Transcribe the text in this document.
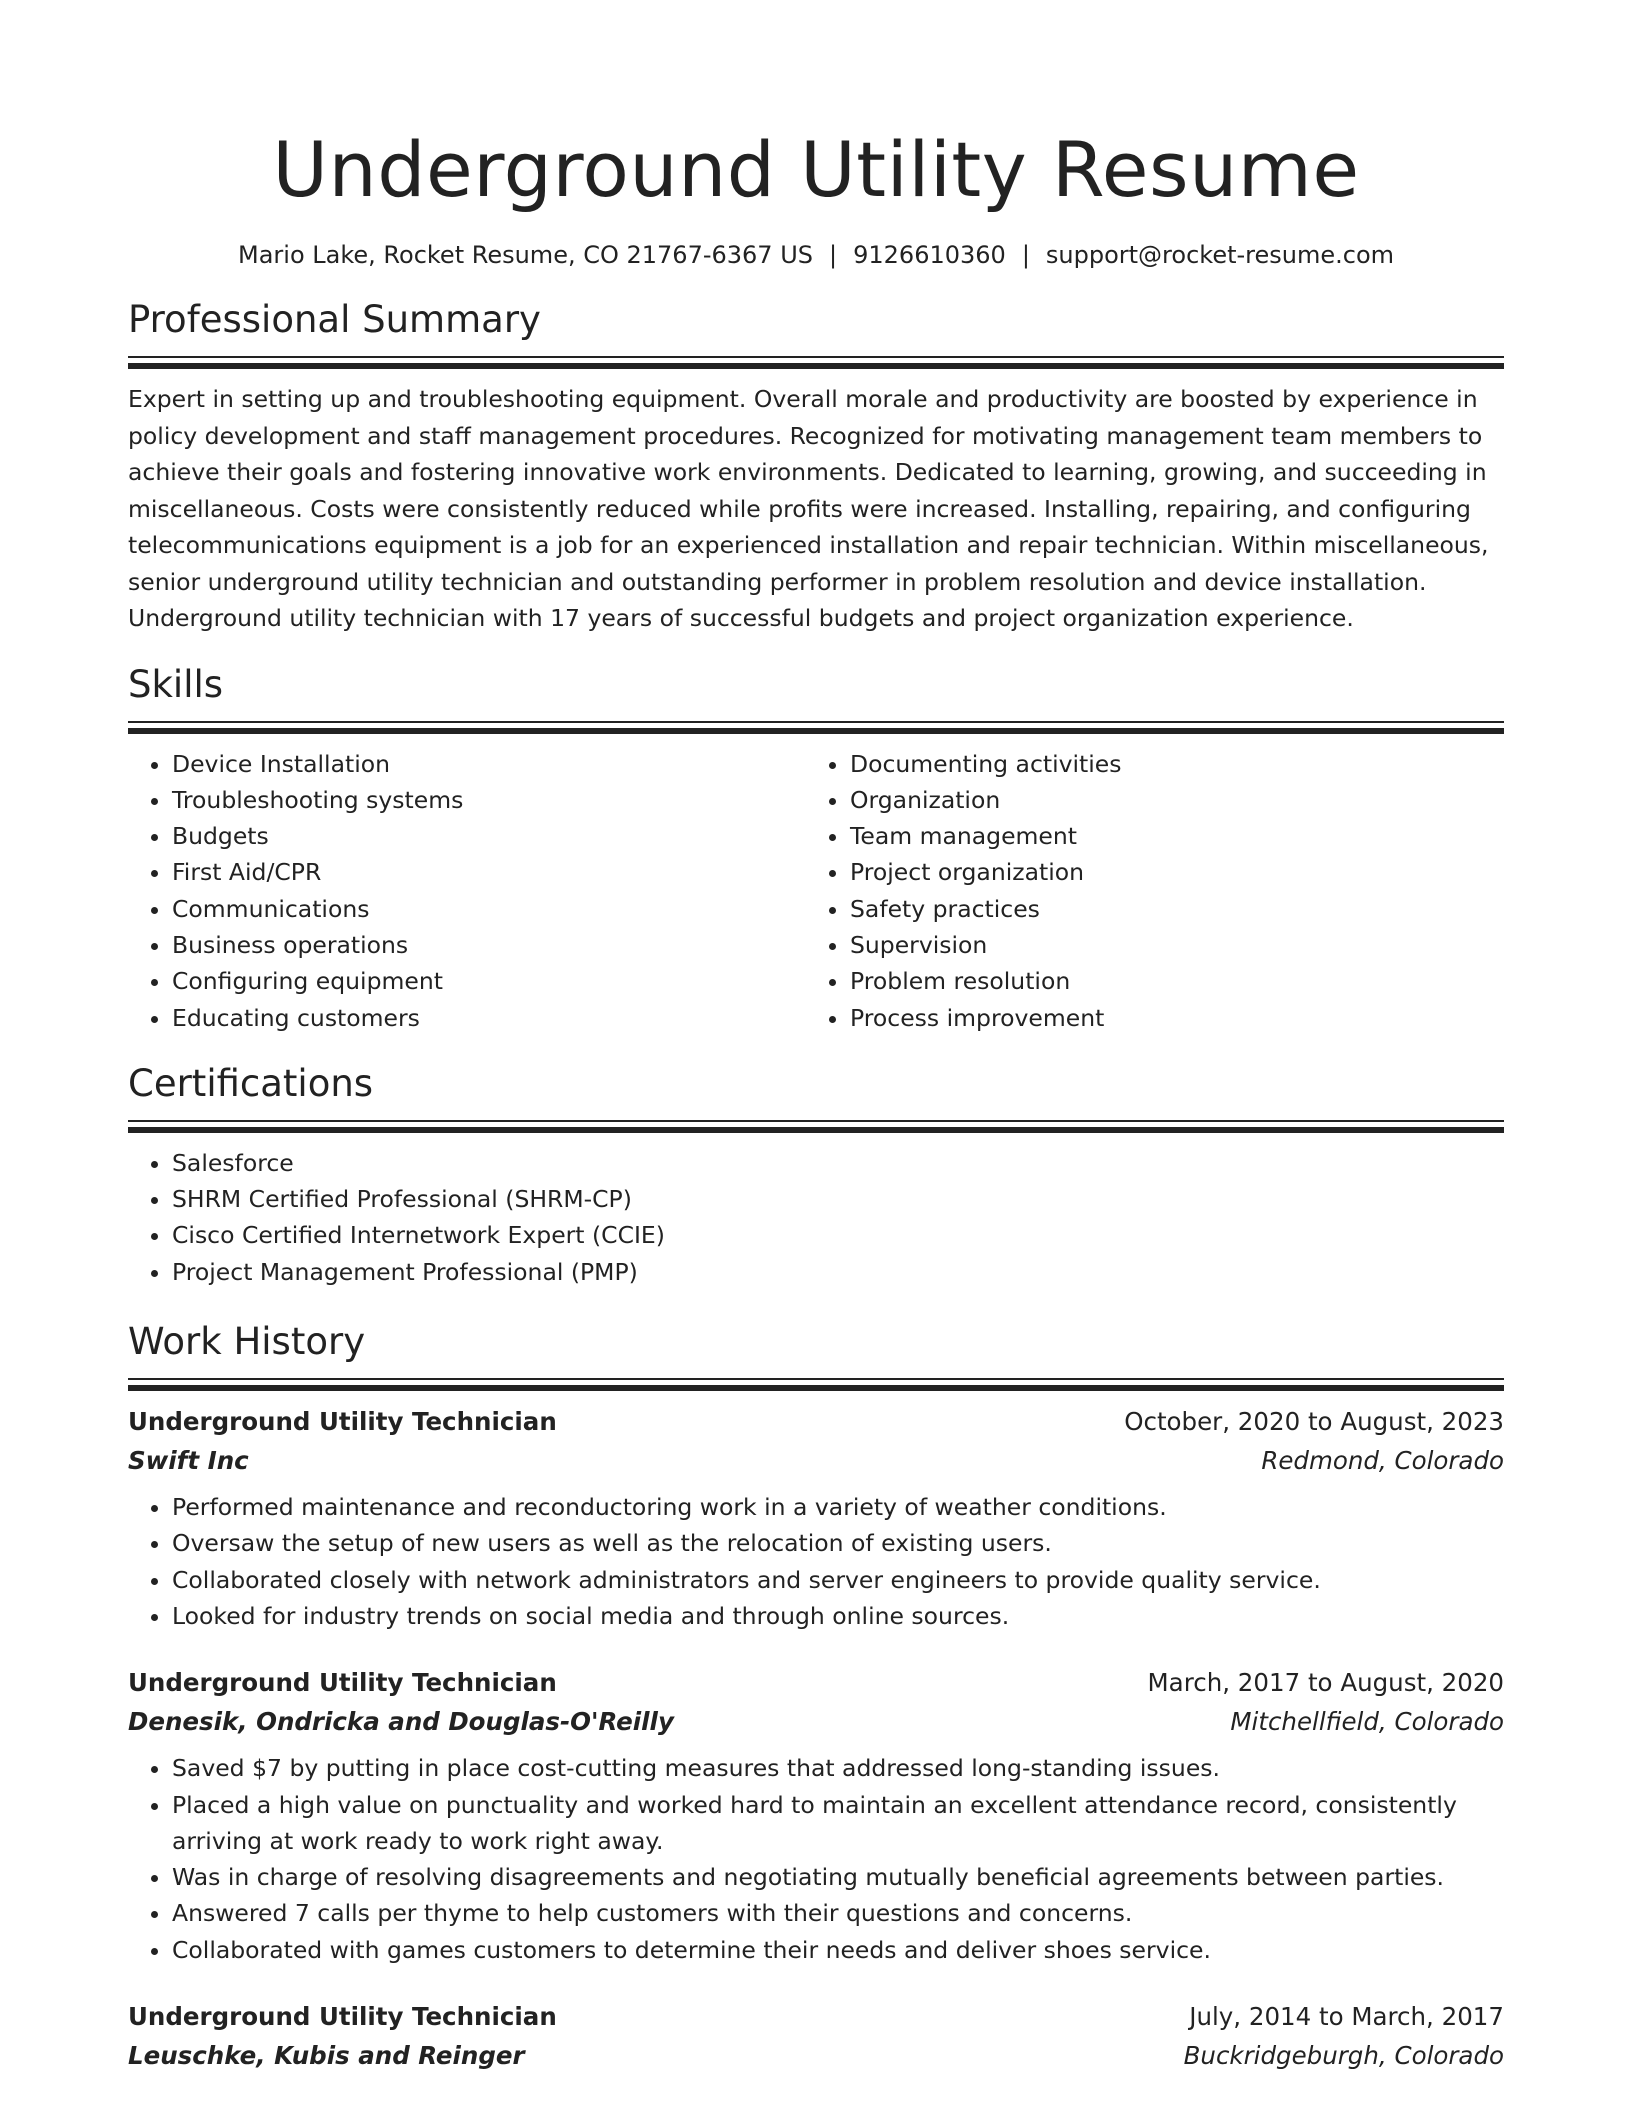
Underground Utility Resume
Mario Lake, Rocket Resume, CO 21767-6367 US | 9126610360 | support@rocket-resume.com
Professional Summary
Expert in setting up and troubleshooting equipment. Overall morale and productivity are boosted by experience in policy development and staff management procedures. Recognized for motivating management team members to achieve their goals and fostering innovative work environments. Dedicated to learning, growing, and succeeding in miscellaneous. Costs were consistently reduced while profits were increased. Installing, repairing, and configuring telecommunications equipment is a job for an experienced installation and repair technician. Within miscellaneous, senior underground utility technician and outstanding performer in problem resolution and device installation. Underground utility technician with 17 years of successful budgets and project organization experience.
Skills
• Device Installation
• Troubleshooting systems
• Budgets
• First Aid/CPR
• Communications
• Business operations
• Configuring equipment
• Educating customers
• Documenting activities
• Organization
• Team management
• Project organization
• Safety practices
• Supervision
• Problem resolution
• Process improvement
Certifications
• Salesforce
• SHRM Certified Professional (SHRM-CP)
• Cisco Certified Internetwork Expert (CCIE)
• Project Management Professional (PMP)
Work History
Underground Utility Technician	October, 2020 to August, 2023
Swift Inc	Redmond, Colorado
• Performed maintenance and reconductoring work in a variety of weather conditions.
• Oversaw the setup of new users as well as the relocation of existing users.
• Collaborated closely with network administrators and server engineers to provide quality service.
• Looked for industry trends on social media and through online sources.
Underground Utility Technician	March, 2017 to August, 2020
Denesik, Ondricka and Douglas-O'Reilly	Mitchellfield, Colorado
• Saved $7 by putting in place cost-cutting measures that addressed long-standing issues.
• Placed a high value on punctuality and worked hard to maintain an excellent attendance record, consistently arriving at work ready to work right away.
• Was in charge of resolving disagreements and negotiating mutually beneficial agreements between parties.
• Answered 7 calls per thyme to help customers with their questions and concerns.
• Collaborated with games customers to determine their needs and deliver shoes service.
Underground Utility Technician	July, 2014 to March, 2017
Leuschke, Kubis and Reinger	Buckridgeburgh, Colorado
